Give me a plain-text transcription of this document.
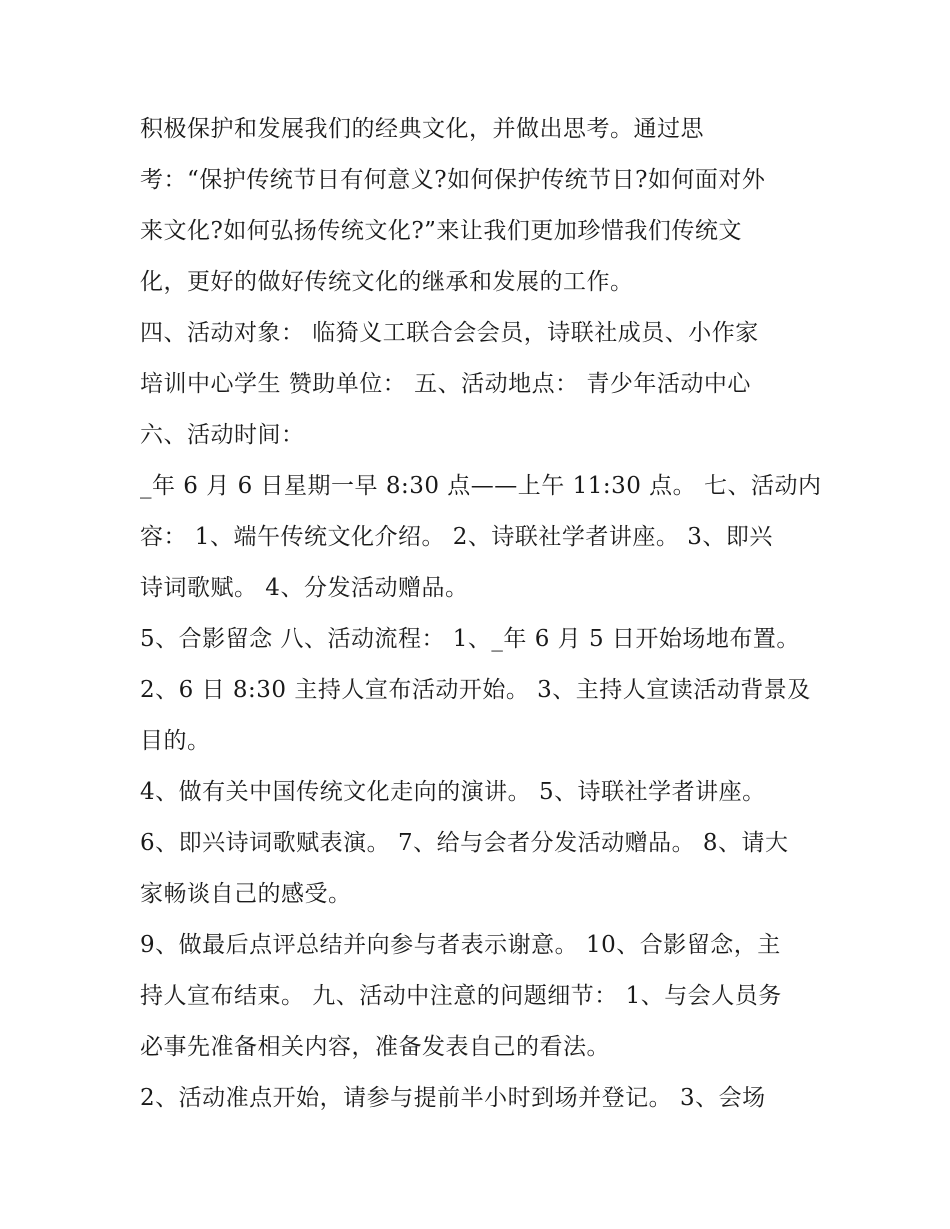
积极保护和发展我们的经典文化，并做出思考。通过思
考：“保护传统节日有何意义?如何保护传统节日?如何面对外
来文化?如何弘扬传统文化?”来让我们更加珍惜我们传统文
化，更好的做好传统文化的继承和发展的工作。
四、活动对象： 临猗义工联合会会员，诗联社成员、小作家
培训中心学生 赞助单位： 五、活动地点： 青少年活动中心
六、活动时间：
_年 6 月 6 日星期一早 8:30 点——上午 11:30 点。 七、活动内
容： 1、端午传统文化介绍。 2、诗联社学者讲座。 3、即兴
诗词歌赋。 4、分发活动赠品。
5、合影留念 八、活动流程： 1、_年 6 月 5 日开始场地布置。
2、6 日 8:30 主持人宣布活动开始。 3、主持人宣读活动背景及
目的。
4、做有关中国传统文化走向的演讲。 5、诗联社学者讲座。
6、即兴诗词歌赋表演。 7、给与会者分发活动赠品。 8、请大
家畅谈自己的感受。
9、做最后点评总结并向参与者表示谢意。 10、合影留念，主
持人宣布结束。 九、活动中注意的问题细节： 1、与会人员务
必事先准备相关内容，准备发表自己的看法。
2、活动准点开始，请参与提前半小时到场并登记。 3、会场
